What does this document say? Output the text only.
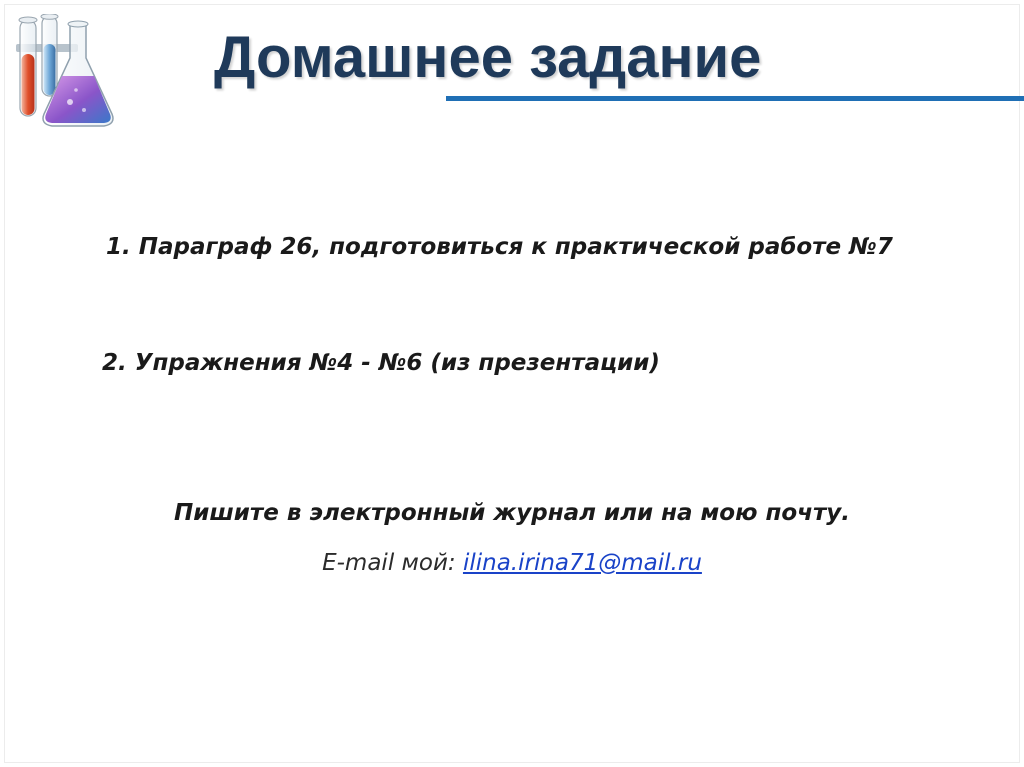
Домашнее задание

1. Параграф 26, подготовиться к практической работе №7

2. Упражнения №4 - №6 (из презентации)

Пишите в электронный журнал или на мою почту.

E-mail мой: ilina.irina71@mail.ru
